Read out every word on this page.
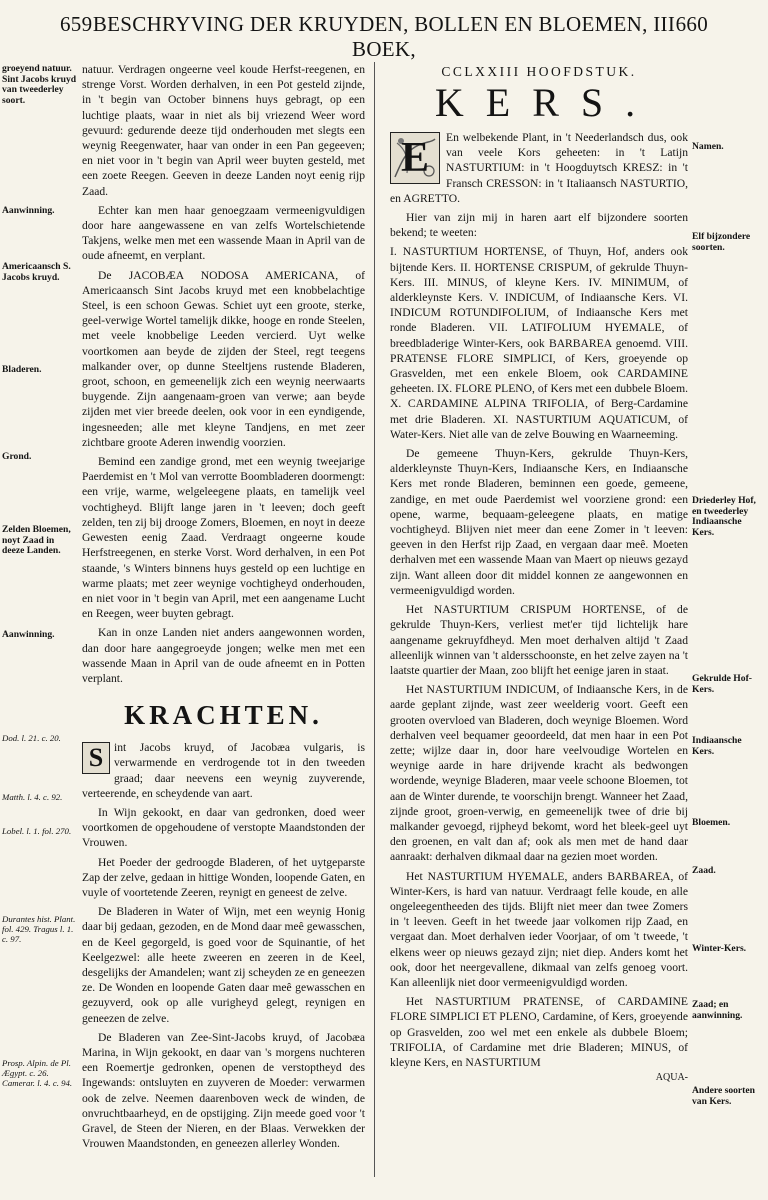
659 BESCHRYVING DER KRUYDEN, BOLLEN EN BLOEMEN, III BOEK,
660
groeyend natuur. Sint Jacobs kruyd van tweederley soort.
Aanwinning.
Americaansch S. Jacobs kruyd.
Bladeren.
Grond.
Zelden Bloemen, noyt Zaad in deeze Landen.
Aanwinning.
Dod. l. 21. c. 20.
Matth. l. 4. c. 92.
Lobel. l. 1. fol. 270.
Durantes hist. Plant. fol. 429. Tragus l. 1. c. 97.
Prosp. Alpin. de Pl. Ægypt. c. 26. Camerar. l. 4. c. 94.

natuur. Verdragen ongeerne veel koude Herfst-reegenen, en strenge Vorst. Worden derhalven, in een Pot gesteld zijnde, in 't begin van October binnens huys gebragt, op een luchtige plaats, waar in niet als bij vriezend Weer word gevuurd: gedurende deeze tijd onderhouden met slegts een weynig Reegenwater, haar van onder in een Pan gegeeven; en niet voor in 't begin van April weer buyten gesteld, met een zoete Reegen. Geeven in deeze Landen noyt eenig rijp Zaad.

Echter kan men haar genoegzaam vermeenigvuldigen door hare aangewassene en van zelfs Wortelschietende Takjens, welke men met een wassende Maan in April van de oude afneemt, en verplant.

De JACOBÆA NODOSA AMERICANA, of Americaansch Sint Jacobs kruyd met een knobbelachtige Steel, is een schoon Gewas. Schiet uyt een groote, sterke, geel-verwige Wortel tamelijk dikke, hooge en ronde Steelen, met veele knobbelige Leeden vercierd. Uyt welke voortkomen aan beyde de zijden der Steel, regt teegens malkander over, op dunne Steeltjens rustende Bladeren, groot, schoon, en gemeenelijk zich een weynig neerwaarts buygende. Zijn aangenaam-groen van verwe; aan beyde zijden met vier breede deelen, ook voor in een eyndigende, ingesneeden; alle met kleyne Tandjens, en met zeer zichtbare groote Aderen inwendig voorzien.

Bemind een zandige grond, met een weynig tweejarige Paerdemist en 't Mol van verrotte Boombladeren doormengt: een vrije, warme, welgeleegene plaats, en tamelijk veel vochtigheyd. Blijft lange jaren in 't leeven; doch geeft zelden, ten zij bij drooge Zomers, Bloemen, en noyt in deeze Gewesten eenig Zaad. Verdraagt ongeerne koude Herfstreegenen, en sterke Vorst. Word derhalven, in een Pot staande, 's Winters binnens huys gesteld op een luchtige en warme plaats; met zeer weynige vochtigheyd onderhouden, en niet voor in 't begin van April, met een aangename Lucht en Reegen, weer buyten gebragt.

Kan in onze Landen niet anders aangewonnen worden, dan door hare aangegroeyde jongen; welke men met een wassende Maan in April van de oude afneemt en in Potten verplant.

KRACHTEN.
S int Jacobs kruyd, of Jacobæa vulgaris, is verwarmende en verdrogende tot in den tweeden graad; daar neevens een weynig zuyverende, verteerende, en scheydende van aart.

In Wijn gekookt, en daar van gedronken, doed weer voortkomen de opgehoudene of verstopte Maandstonden der Vrouwen.

Het Poeder der gedroogde Bladeren, of het uytgeparste Zap der zelve, gedaan in hittige Wonden, loopende Gaten, en vuyle of voortetende Zeeren, reynigt en geneest de zelve.

De Bladeren in Water of Wijn, met een weynig Honig daar bij gedaan, gezoden, en de Mond daar meê gewasschen, en de Keel gegorgeld, is goed voor de Squinantie, of het Keelgezwel: alle heete zweeren en zeeren in de Keel, desgelijks der Amandelen; want zij scheyden ze en geneezen ze. De Wonden en loopende Gaten daar meê gewasschen en gezuyverd, ook op alle vurigheyd gelegt, reynigen en geneezen de zelve.

De Bladeren van Zee-Sint-Jacobs kruyd, of Jacobæa Marina, in Wijn gekookt, en daar van 's morgens nuchteren een Roemertje gedronken, openen de verstoptheyd des Ingewands: ontsluyten en zuyveren de Moeder: verwarmen ook de zelve. Neemen daarenboven weck de winden, de onvruchtbaarheyd, en de opstijging. Zijn meede goed voor 't Gravel, de Steen der Nieren, en der Blaas. Verwekken der Vrouwen Maandstonden, en geneezen allerley Wonden.

CCLXXIII HOOFDSTUK.
KERS.
E	En welbekende Plant, in 't Neederlandsch dus, ook van veele Kors geheeten: in 't Latijn NASTURTIUM: in 't Hoogduytsch KRESZ: in 't Fransch CRESSON: in 't Italiaansch NASTURTIO, en AGRETTO.

Hier van zijn mij in haren aart elf bijzondere soorten bekend; te weeten:

I. NASTURTIUM HORTENSE, of Thuyn, Hof, anders ook bijtende Kers. II. HORTENSE CRISPUM, of gekrulde Thuyn-Kers. III. MINUS, of kleyne Kers. IV. MINIMUM, of alderkleynste Kers. V. INDICUM, of Indiaansche Kers. VI. INDICUM ROTUNDIFOLIUM, of Indiaansche Kers met ronde Bladeren. VII. LATIFOLIUM HYEMALE, of breedbladerige Winter-Kers, ook BARBAREA genoemd. VIII. PRATENSE FLORE SIMPLICI, of Kers, groeyende op Grasvelden, met een enkele Bloem, ook CARDAMINE geheeten. IX. FLORE PLENO, of Kers met een dubbele Bloem. X. CARDAMINE ALPINA TRIFOLIA, of Berg-Cardamine met drie Bladeren. XI. NASTURTIUM AQUATICUM, of Water-Kers. Niet alle van de zelve Bouwing en Waarneeming.

De gemeene Thuyn-Kers, gekrulde Thuyn-Kers, alderkleynste Thuyn-Kers, Indiaansche Kers, en Indiaansche Kers met ronde Bladeren, beminnen een goede, gemeene, zandige, en met oude Paerdemist wel voorziene grond: een opene, warme, bequaam-geleegene plaats, en matige vochtigheyd. Blijven niet meer dan eene Zomer in 't leeven: geeven in den Herfst rijp Zaad, en vergaan daar meê. Moeten derhalven met een wassende Maan van Maert op nieuws gezayd zijn. Want alleen door dit middel konnen ze aangewonnen en vermeenigvuldigd worden.

Het NASTURTIUM CRISPUM HORTENSE, of de gekrulde Thuyn-Kers, verliest met'er tijd lichtelijk hare aangename gekruyfdheyd. Men moet derhalven altijd 't Zaad alleenlijk winnen van 't aldersschoonste, en het zelve zayen na 't laatste quartier der Maan, zoo blijft het eenige jaren in staat.

Het NASTURTIUM INDICUM, of Indiaansche Kers, in de aarde geplant zijnde, wast zeer weelderig voort. Geeft een grooten overvloed van Bladeren, doch weynige Bloemen. Word derhalven veel bequamer geoordeeld, dat men haar in een Pot zette; wijlze daar in, door hare veelvoudige Wortelen en weynige aarde in hare drijvende kracht als bedwongen wordende, weynige Bladeren, maar veele schoone Bloemen, tot aan de Winter durende, te voorschijn brengt. Wanneer het Zaad, zijnde groot, groen-verwig, en gemeenelijk twee of drie bij malkander gevoegd, rijpheyd bekomt, word het bleek-geel uyt den groenen, en valt dan af; ook als men met de hand daar aanraakt: derhalven dikmaal daar na gezien moet worden.

Het NASTURTIUM HYEMALE, anders BARBAREA, of Winter-Kers, is hard van natuur. Verdraagt felle koude, en alle ongeleegentheeden des tijds. Blijft niet meer dan twee Zomers in 't leeven. Geeft in het tweede jaar volkomen rijp Zaad, en vergaat dan. Moet derhalven ieder Voorjaar, of om 't tweede, 't elkens weer op nieuws gezayd zijn; niet diep. Anders komt het ook, door het neergevallene, dikmaal van zelfs genoeg voort. Kan alleenlijk niet door vermeenigvuldigd worden.

Het NASTURTIUM PRATENSE, of CARDAMINE FLORE SIMPLICI ET PLENO, Cardamine, of Kers, groeyende op Grasvelden, zoo wel met een enkele als dubbele Bloem; TRIFOLIA, of Cardamine met drie Bladeren; MINUS, of kleyne Kers, en NASTURTIUM

AQUA-
Namen.
Elf bijzondere soorten.
Driederley Hof, en tweederley Indiaansche Kers.
Gekrulde Hof-Kers.
Indiaansche Kers.
Bloemen.
Zaad.
Winter-Kers.
Zaad; en aanwinning.
Andere soorten van Kers.
